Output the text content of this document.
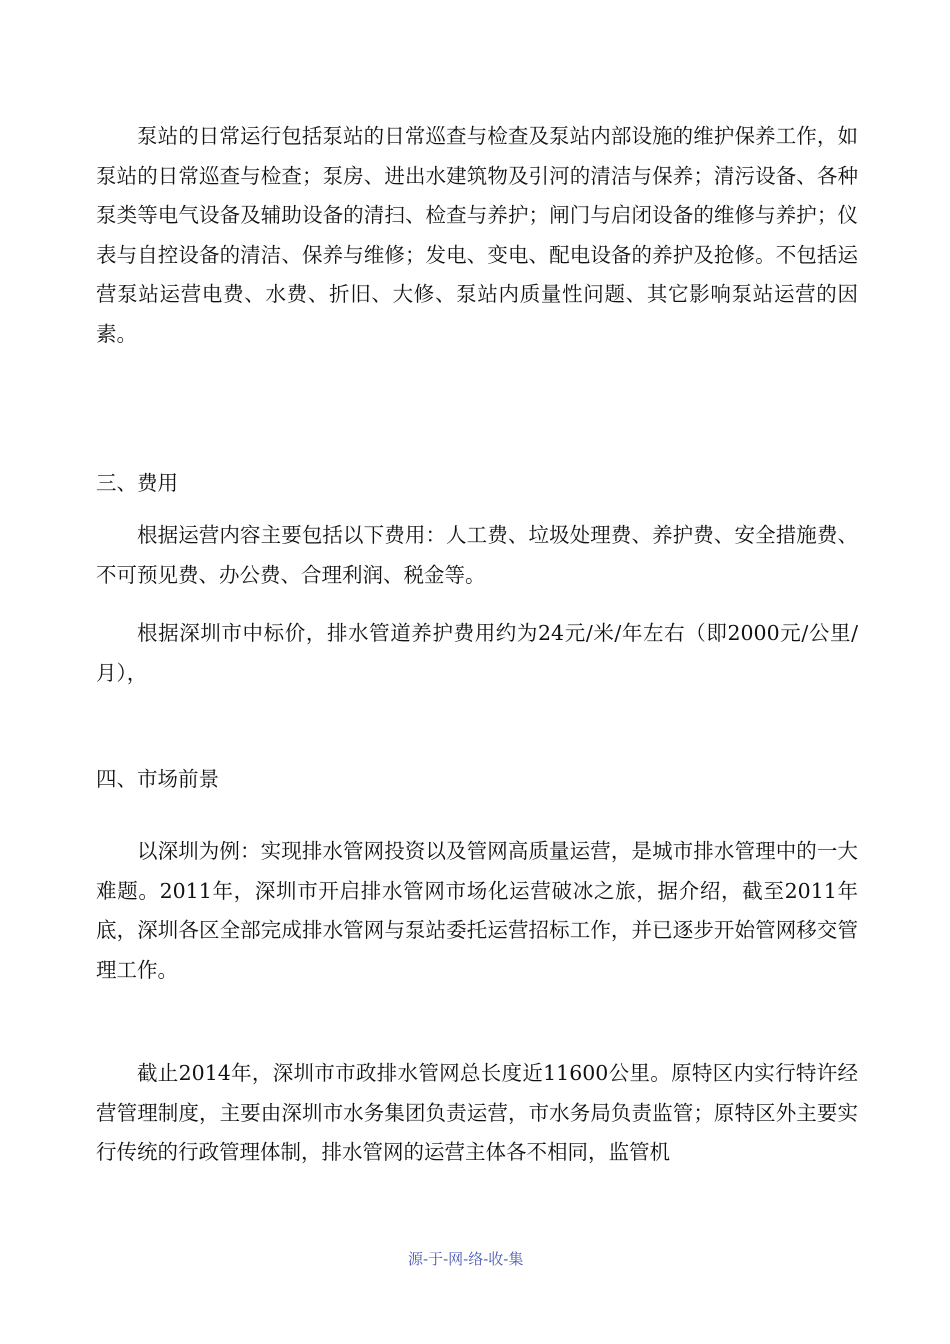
泵站的日常运行包括泵站的日常巡查与检查及泵站内部设施的维护保养工作，如泵站的日常巡查与检查；泵房、进出水建筑物及引河的清洁与保养；清污设备、各种泵类等电气设备及辅助设备的清扫、检查与养护；闸门与启闭设备的维修与养护；仪表与自控设备的清洁、保养与维修；发电、变电、配电设备的养护及抢修。不包括运营泵站运营电费、水费、折旧、大修、泵站内质量性问题、其它影响泵站运营的因素。

三、费用

根据运营内容主要包括以下费用：人工费、垃圾处理费、养护费、安全措施费、不可预见费、办公费、合理利润、税金等。

根据深圳市中标价，排水管道养护费用约为24元/米/年左右（即2000元/公里/月），

四、市场前景

以深圳为例：实现排水管网投资以及管网高质量运营，是城市排水管理中的一大难题。2011年，深圳市开启排水管网市场化运营破冰之旅，据介绍，截至2011年底，深圳各区全部完成排水管网与泵站委托运营招标工作，并已逐步开始管网移交管理工作。

截止2014年，深圳市市政排水管网总长度近11600公里。原特区内实行特许经营管理制度，主要由深圳市水务集团负责运营，市水务局负责监管；原特区外主要实行传统的行政管理体制，排水管网的运营主体各不相同，监管机

源-于-网-络-收-集
